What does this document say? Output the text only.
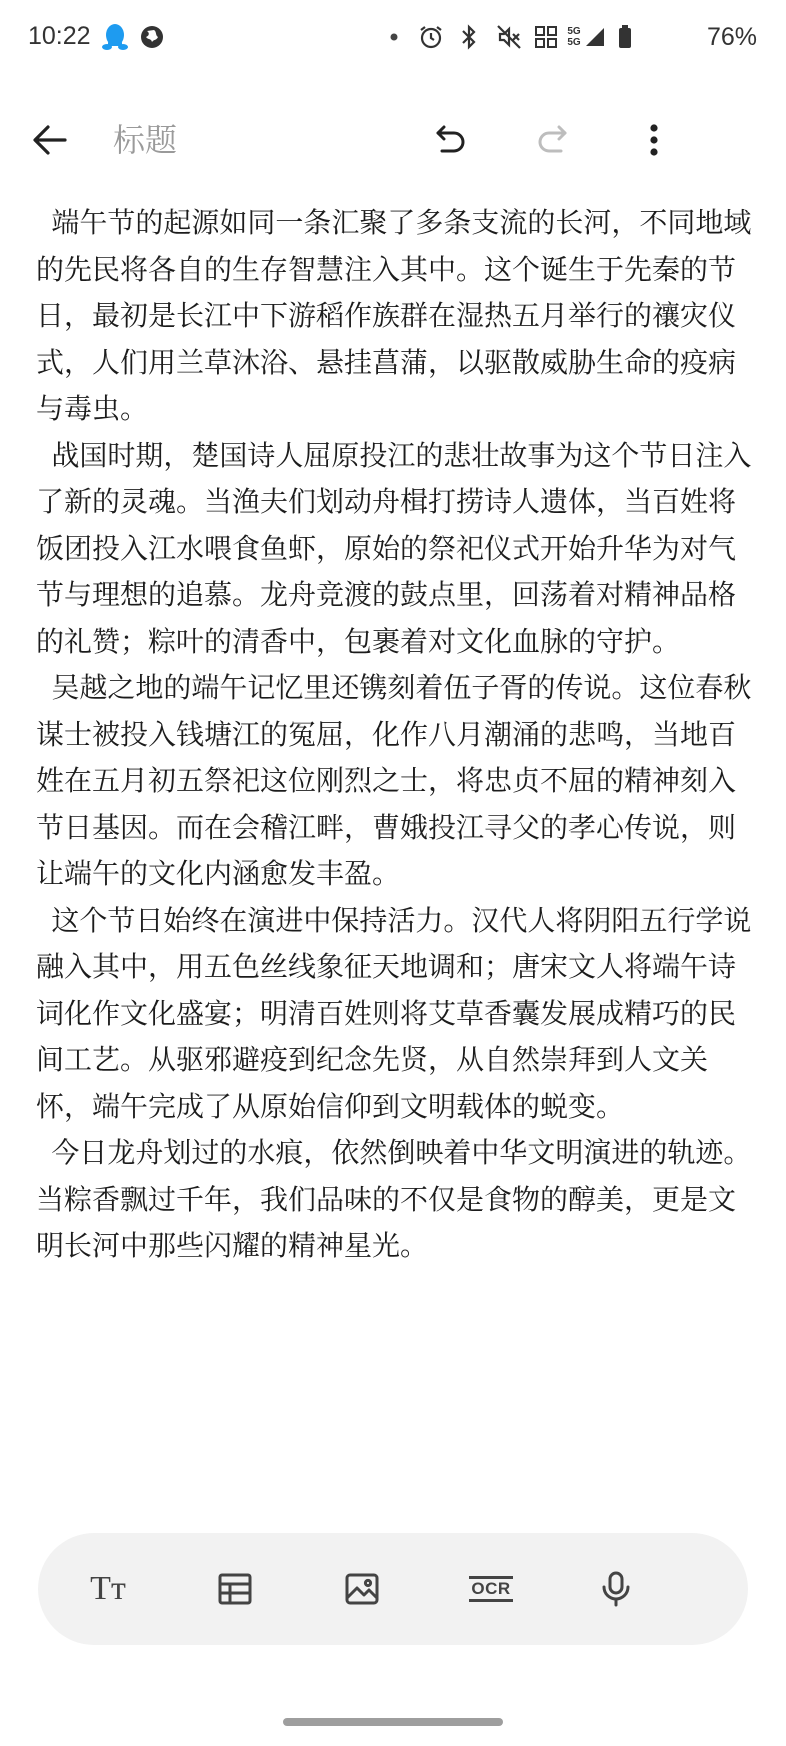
10:22	5G
5G	76%
标题

端午节的起源如同一条汇聚了多条支流的长河，不同地域的先民将各自的生存智慧注入其中。这个诞生于先秦的节日，最初是长江中下游稻作族群在湿热五月举行的禳灾仪式，人们用兰草沐浴、悬挂菖蒲，以驱散威胁生命的疫病与毒虫。

战国时期，楚国诗人屈原投江的悲壮故事为这个节日注入了新的灵魂。当渔夫们划动舟楫打捞诗人遗体，当百姓将饭团投入江水喂食鱼虾，原始的祭祀仪式开始升华为对气节与理想的追慕。龙舟竞渡的鼓点里，回荡着对精神品格的礼赞；粽叶的清香中，包裹着对文化血脉的守护。

吴越之地的端午记忆里还镌刻着伍子胥的传说。这位春秋谋士被投入钱塘江的冤屈，化作八月潮涌的悲鸣，当地百姓在五月初五祭祀这位刚烈之士，将忠贞不屈的精神刻入节日基因。而在会稽江畔，曹娥投江寻父的孝心传说，则让端午的文化内涵愈发丰盈。

这个节日始终在演进中保持活力。汉代人将阴阳五行学说融入其中，用五色丝线象征天地调和；唐宋文人将端午诗词化作文化盛宴；明清百姓则将艾草香囊发展成精巧的民间工艺。从驱邪避疫到纪念先贤，从自然崇拜到人文关怀，端午完成了从原始信仰到文明载体的蜕变。

今日龙舟划过的水痕，依然倒映着中华文明演进的轨迹。当粽香飘过千年，我们品味的不仅是食物的醇美，更是文明长河中那些闪耀的精神星光。

Tт	OCR
